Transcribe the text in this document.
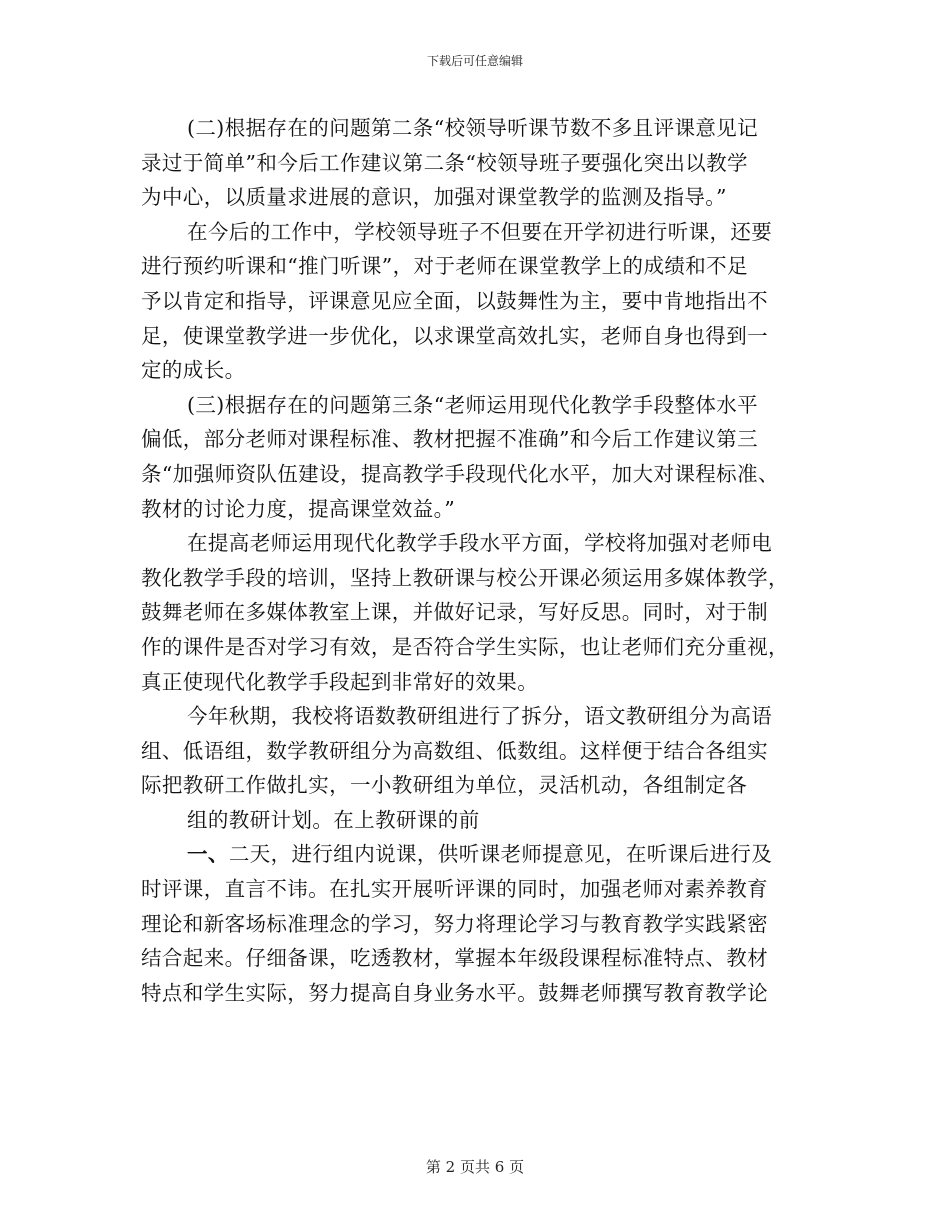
下载后可任意编辑
(二)根据存在的问题第二条“校领导听课节数不多且评课意见记
录过于简单”和今后工作建议第二条“校领导班子要强化突出以教学
为中心，以质量求进展的意识，加强对课堂教学的监测及指导。”
在今后的工作中，学校领导班子不但要在开学初进行听课，还要
进行预约听课和“推门听课”，对于老师在课堂教学上的成绩和不足
予以肯定和指导，评课意见应全面，以鼓舞性为主，要中肯地指出不
足，使课堂教学进一步优化，以求课堂高效扎实，老师自身也得到一
定的成长。
(三)根据存在的问题第三条“老师运用现代化教学手段整体水平
偏低，部分老师对课程标准、教材把握不准确”和今后工作建议第三
条“加强师资队伍建设，提高教学手段现代化水平，加大对课程标准、
教材的讨论力度，提高课堂效益。”
在提高老师运用现代化教学手段水平方面，学校将加强对老师电
教化教学手段的培训，坚持上教研课与校公开课必须运用多媒体教学，
鼓舞老师在多媒体教室上课，并做好记录，写好反思。同时，对于制
作的课件是否对学习有效，是否符合学生实际，也让老师们充分重视，
真正使现代化教学手段起到非常好的效果。
今年秋期，我校将语数教研组进行了拆分，语文教研组分为高语
组、低语组，数学教研组分为高数组、低数组。这样便于结合各组实
际把教研工作做扎实，一小教研组为单位，灵活机动，各组制定各
组的教研计划。在上教研课的前
一、二天，进行组内说课，供听课老师提意见，在听课后进行及
时评课，直言不讳。在扎实开展听评课的同时，加强老师对素养教育
理论和新客场标准理念的学习，努力将理论学习与教育教学实践紧密
结合起来。仔细备课，吃透教材，掌握本年级段课程标准特点、教材
特点和学生实际，努力提高自身业务水平。鼓舞老师撰写教育教学论
第 2 页共 6 页
